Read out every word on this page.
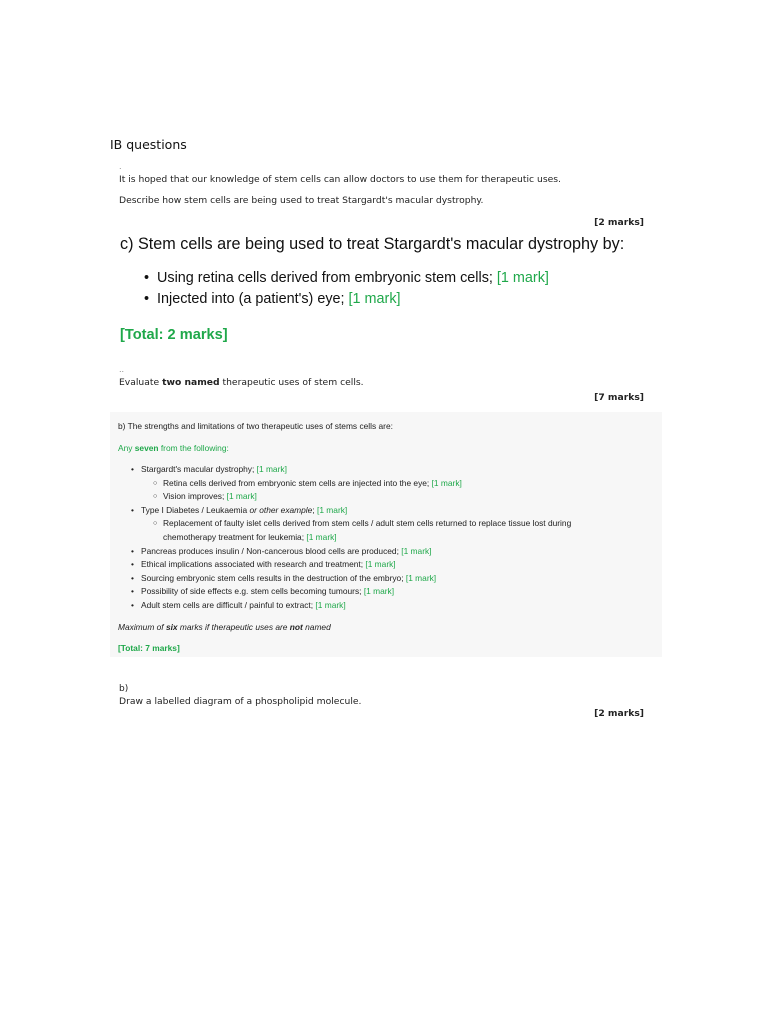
IB questions
.
It is hoped that our knowledge of stem cells can allow doctors to use them for therapeutic uses.
Describe how stem cells are being used to treat Stargardt's macular dystrophy.
[2 marks]
c) Stem cells are being used to treat Stargardt's macular dystrophy by:
• Using retina cells derived from embryonic stem cells; [1 mark]
• Injected into (a patient's) eye; [1 mark]
[Total: 2 marks]
..
Evaluate two named therapeutic uses of stem cells.
[7 marks]
b) The strengths and limitations of two therapeutic uses of stems cells are:
Any seven from the following:
• Stargardt's macular dystrophy; [1 mark]
○ Retina cells derived from embryonic stem cells are injected into the eye; [1 mark]
○ Vision improves; [1 mark]
• Type I Diabetes / Leukaemia or other example; [1 mark]
○ Replacement of faulty islet cells derived from stem cells / adult stem cells returned to replace tissue lost during
chemotherapy treatment for leukemia; [1 mark]
• Pancreas produces insulin / Non-cancerous blood cells are produced; [1 mark]
• Ethical implications associated with research and treatment; [1 mark]
• Sourcing embryonic stem cells results in the destruction of the embryo; [1 mark]
• Possibility of side effects e.g. stem cells becoming tumours; [1 mark]
• Adult stem cells are difficult / painful to extract; [1 mark]
Maximum of six marks if therapeutic uses are not named
[Total: 7 marks]
b)
Draw a labelled diagram of a phospholipid molecule.
[2 marks]
